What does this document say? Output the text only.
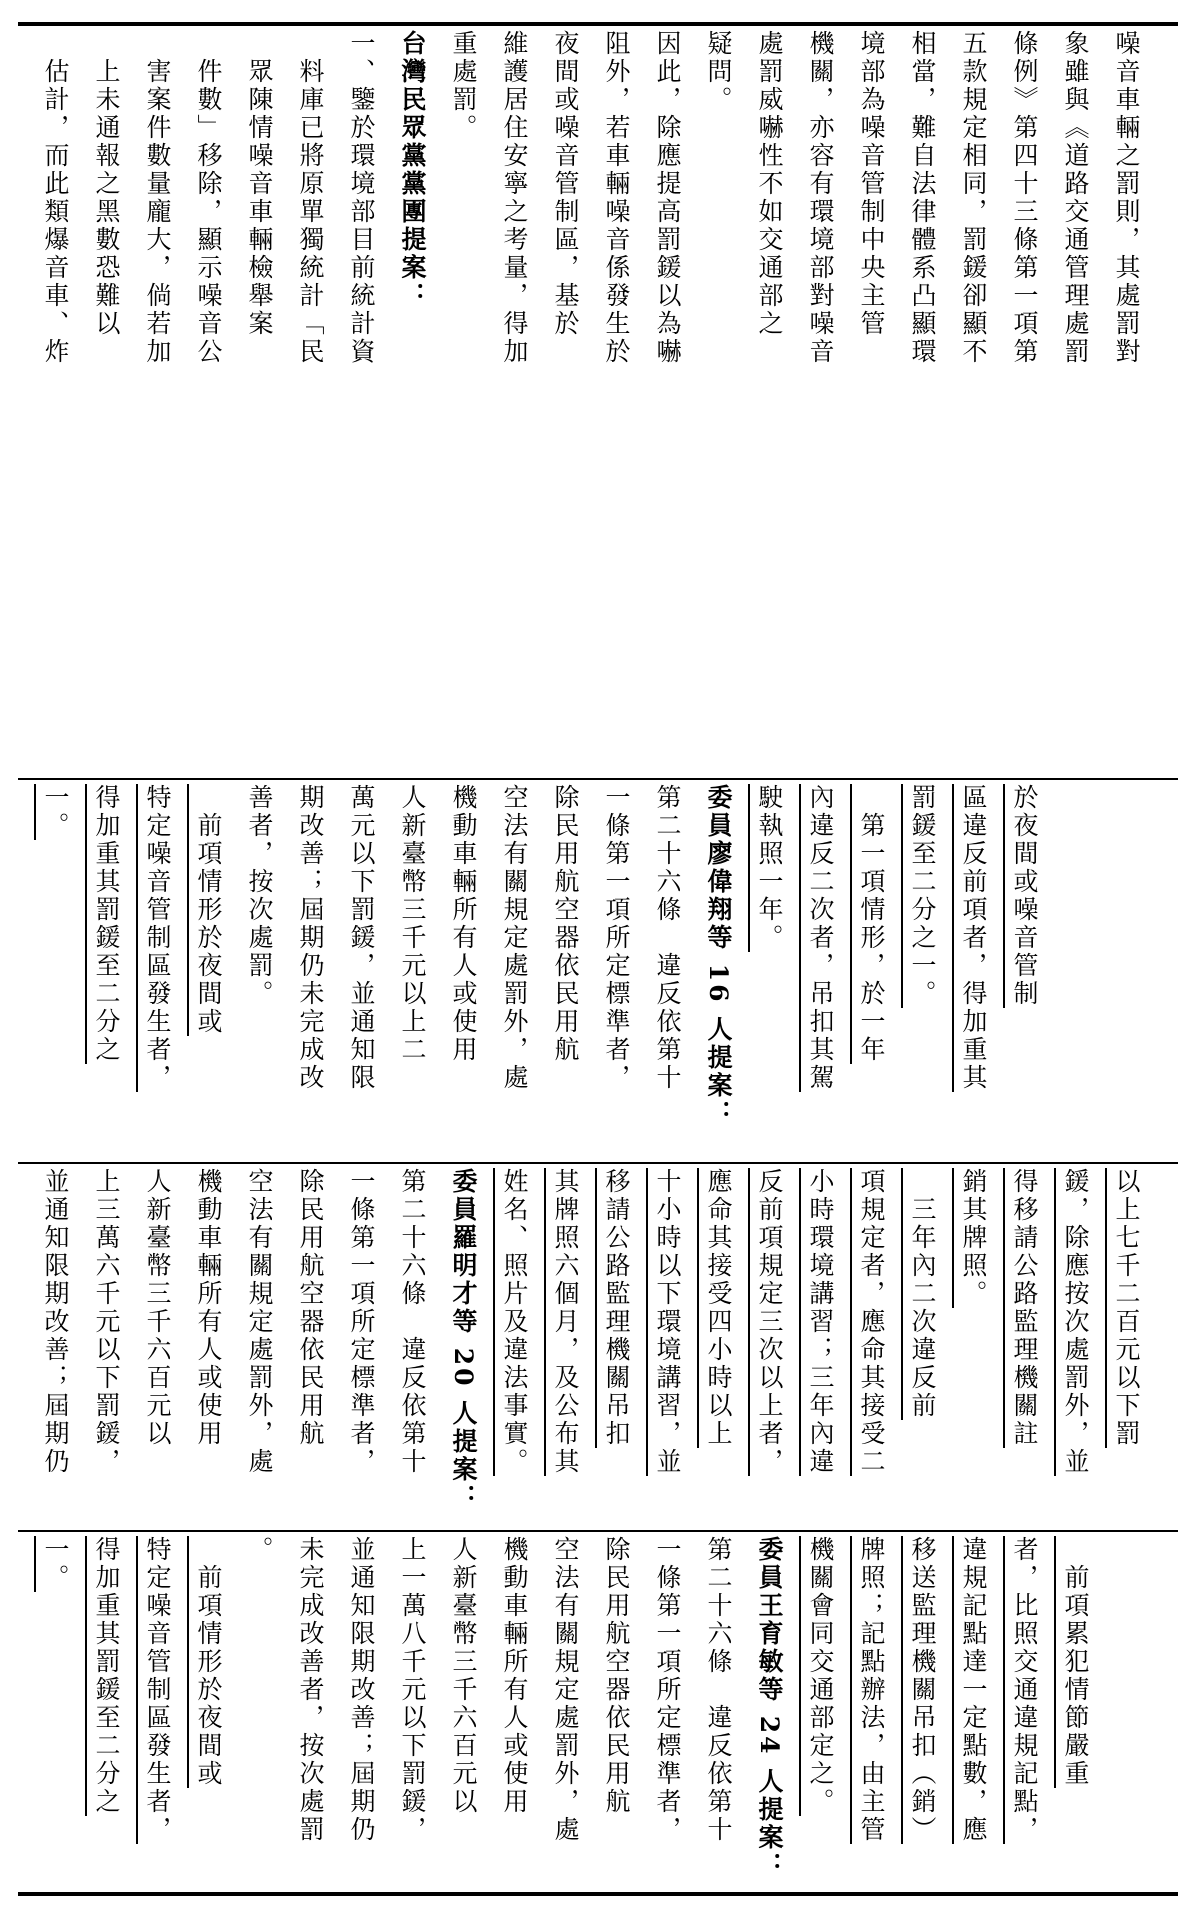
噪音車輛之罰則，其處罰對
象雖與《道路交通管理處罰
條例》第四十三條第一項第
五款規定相同，罰鍰卻顯不
相當，難自法律體系凸顯環
境部為噪音管制中央主管
機關，亦容有環境部對噪音
處罰威嚇性不如交通部之
疑問。
因此，除應提高罰鍰以為嚇
阻外，若車輛噪音係發生於
夜間或噪音管制區，基於
維護居住安寧之考量，得加
重處罰。
台灣民眾黨黨團提案：
一、鑒於環境部目前統計資
　料庫已將原單獨統計「民
　眾陳情噪音車輛檢舉案
　件數」移除，顯示噪音公
　害案件數量龐大，倘若加
　上未通報之黑數恐難以
　估計，而此類爆音車、炸
於夜間或噪音管制
區違反前項者，得加重其
罰鍰至二分之一。
　第一項情形，於一年
內違反二次者，吊扣其駕
駛執照一年。
委員廖偉翔等 16 人提案：
第二十六條　違反依第十
一條第一項所定標準者，
除民用航空器依民用航
空法有關規定處罰外，處
機動車輛所有人或使用
人新臺幣三千元以上二
萬元以下罰鍰，並通知限
期改善；屆期仍未完成改
善者，按次處罰。
　前項情形於夜間或
特定噪音管制區發生者，
得加重其罰鍰至二分之
一。
以上七千二百元以下罰
鍰，除應按次處罰外，並
得移請公路監理機關註
銷其牌照。
　三年內二次違反前
項規定者，應命其接受二
小時環境講習；三年內違
反前項規定三次以上者，
應命其接受四小時以上
十小時以下環境講習，並
移請公路監理機關吊扣
其牌照六個月，及公布其
姓名、照片及違法事實。
委員羅明才等 20 人提案：
第二十六條　違反依第十
一條第一項所定標準者，
除民用航空器依民用航
空法有關規定處罰外，處
機動車輛所有人或使用
人新臺幣三千六百元以
上三萬六千元以下罰鍰，
並通知限期改善；屆期仍
　前項累犯情節嚴重
者，比照交通違規記點，
違規記點達一定點數，應
移送監理機關吊扣（銷）
牌照；記點辦法，由主管
機關會同交通部定之。
委員王育敏等 24 人提案：
第二十六條　違反依第十
一條第一項所定標準者，
除民用航空器依民用航
空法有關規定處罰外，處
機動車輛所有人或使用
人新臺幣三千六百元以
上一萬八千元以下罰鍰，
並通知限期改善；屆期仍
未完成改善者，按次處罰
。
　前項情形於夜間或
特定噪音管制區發生者，
得加重其罰鍰至二分之
一。
